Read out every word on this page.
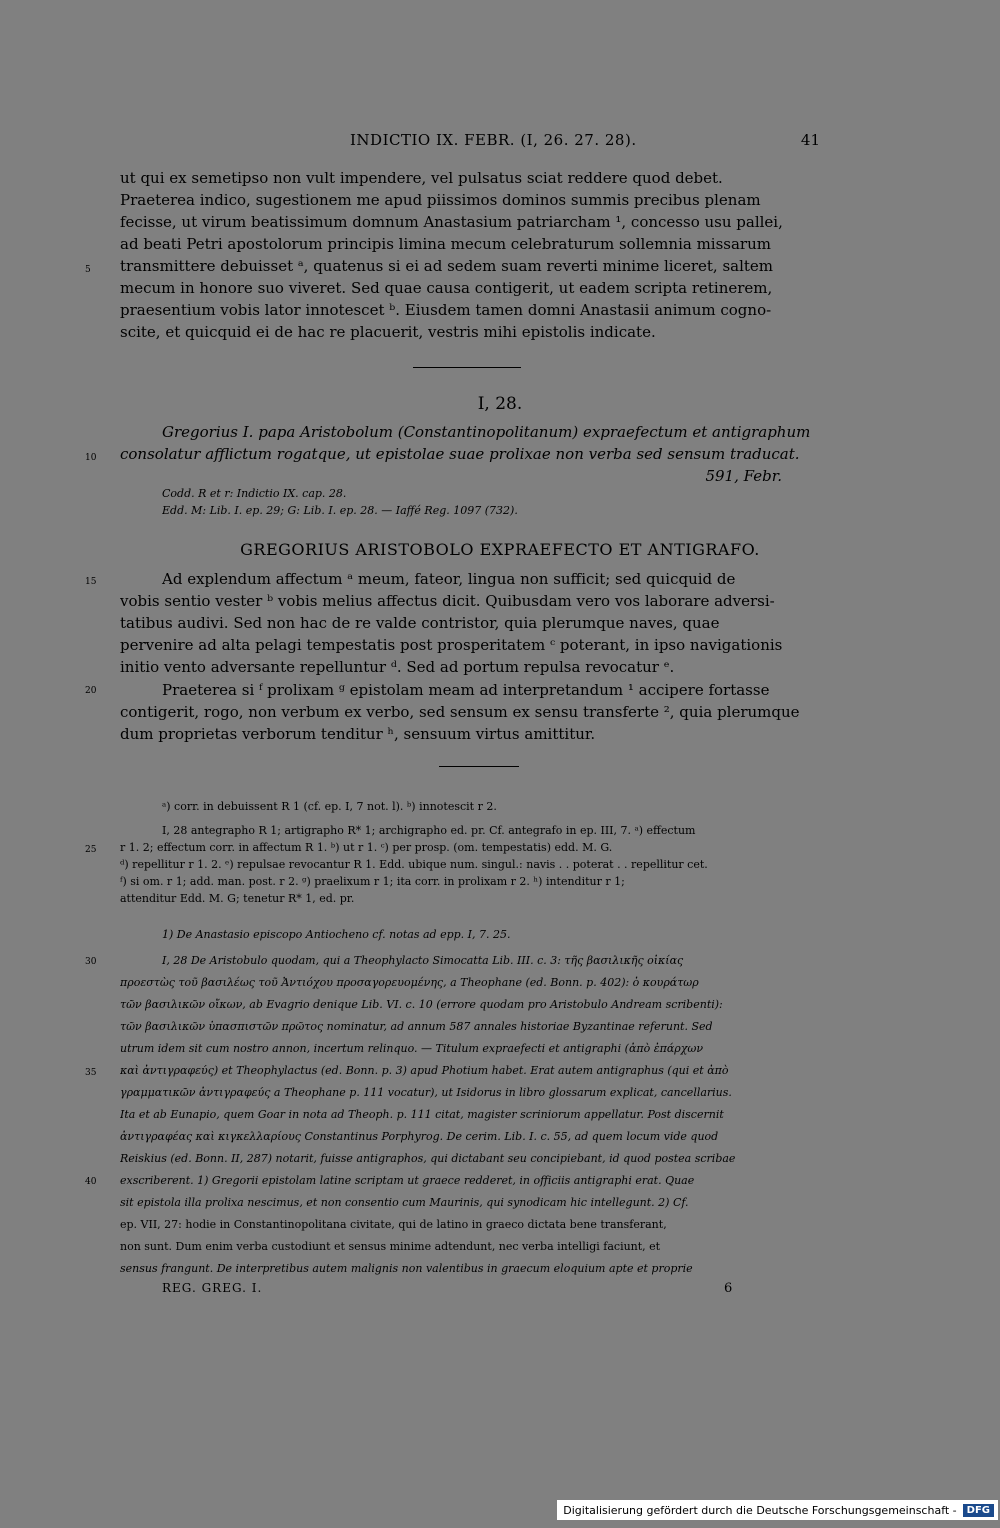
INDICTIO IX. FEBR. (I, 26. 27. 28).	41
ut qui ex semetipso non vult impendere, vel pulsatus sciat reddere quod debet.
Praeterea indico, sugestionem me apud piissimos dominos summis precibus plenam
fecisse, ut virum beatissimum domnum Anastasium patriarcham ¹, concesso usu pallei,
ad beati Petri apostolorum principis limina mecum celebraturum sollemnia missarum
transmittere debuisset ᵃ, quatenus si ei ad sedem suam reverti minime liceret, saltem
mecum in honore suo viveret. Sed quae causa contigerit, ut eadem scripta retinerem,
praesentium vobis lator innotescet ᵇ. Eiusdem tamen domni Anastasii animum cogno-
scite, et quicquid ei de hac re placuerit, vestris mihi epistolis indicate.
5
10
15
20
25
30
35
40
I, 28.
Gregorius I. papa Aristobolum (Constantinopolitanum) expraefectum et antigraphum
consolatur afflictum rogatque, ut epistolae suae prolixae non verba sed sensum traducat.
591, Febr.
Codd. R et r: Indictio IX. cap. 28.
Edd. M: Lib. I. ep. 29; G: Lib. I. ep. 28. — Iaffé Reg. 1097 (732).
GREGORIUS ARISTOBOLO EXPRAEFECTO ET ANTIGRAFO.
Ad explendum affectum ᵃ meum, fateor, lingua non sufficit; sed quicquid de
vobis sentio vester ᵇ vobis melius affectus dicit. Quibusdam vero vos laborare adversi-
tatibus audivi. Sed non hac de re valde contristor, quia plerumque naves, quae
pervenire ad alta pelagi tempestatis post prosperitatem ᶜ poterant, in ipso navigationis
initio vento adversante repelluntur ᵈ. Sed ad portum repulsa revocatur ᵉ.
Praeterea si ᶠ prolixam ᵍ epistolam meam ad interpretandum ¹ accipere fortasse
contigerit, rogo, non verbum ex verbo, sed sensum ex sensu transferte ², quia plerumque
dum proprietas verborum tenditur ʰ, sensuum virtus amittitur.
ᵃ) corr. in debuissent R 1 (cf. ep. I, 7 not. l). ᵇ) innotescit r 2.
I, 28 antegrapho R 1; artigrapho R* 1; archigrapho ed. pr. Cf. antegrafo in ep. III, 7. ᵃ) effectum
r 1. 2; effectum corr. in affectum R 1. ᵇ) ut r 1. ᶜ) per prosp. (om. tempestatis) edd. M. G.
ᵈ) repellitur r 1. 2. ᵉ) repulsae revocantur R 1. Edd. ubique num. singul.: navis . . poterat . . repellitur cet.
ᶠ) si om. r 1; add. man. post. r 2. ᵍ) praelixum r 1; ita corr. in prolixam r 2. ʰ) intenditur r 1;
attenditur Edd. M. G; tenetur R* 1, ed. pr.
1) De Anastasio episcopo Antiocheno cf. notas ad epp. I, 7. 25.
I, 28 De Aristobulo quodam, qui a Theophylacto Simocatta Lib. III. c. 3: τῆς βασιλικῆς οἰκίας
προεστὼς τοῦ βασιλέως τοῦ Ἀντιόχου προσαγορευομένης, a Theophane (ed. Bonn. p. 402): ὁ κουράτωρ
τῶν βασιλικῶν οἴκων, ab Evagrio denique Lib. VI. c. 10 (errore quodam pro Aristobulo Andream scribenti):
τῶν βασιλικῶν ὑπασπιστῶν πρῶτος nominatur, ad annum 587 annales historiae Byzantinae referunt. Sed
utrum idem sit cum nostro annon, incertum relinquo. — Titulum expraefecti et antigraphi (ἀπὸ ἐπάρχων
καὶ ἀντιγραφεύς) et Theophylactus (ed. Bonn. p. 3) apud Photium habet. Erat autem antigraphus (qui et ἀπὸ
γραμματικῶν ἀντιγραφεύς a Theophane p. 111 vocatur), ut Isidorus in libro glossarum explicat, cancellarius.
Ita et ab Eunapio, quem Goar in nota ad Theoph. p. 111 citat, magister scriniorum appellatur. Post discernit
ἀντιγραφέας καὶ κιγκελλαρίους Constantinus Porphyrog. De cerim. Lib. I. c. 55, ad quem locum vide quod
Reiskius (ed. Bonn. II, 287) notarit, fuisse antigraphos, qui dictabant seu concipiebant, id quod postea scribae
exscriberent. 1) Gregorii epistolam latine scriptam ut graece redderet, in officiis antigraphi erat. Quae
sit epistola illa prolixa nescimus, et non consentio cum Maurinis, qui synodicam hic intellegunt. 2) Cf.
ep. VII, 27: hodie in Constantinopolitana civitate, qui de latino in graeco dictata bene transferant,
non sunt. Dum enim verba custodiunt et sensus minime adtendunt, nec verba intelligi faciunt, et
sensus frangunt. De interpretibus autem malignis non valentibus in graecum eloquium apte et proprie
REG. GREG. I.	6
Digitalisierung gefördert durch die Deutsche Forschungsgemeinschaft -	DFG
